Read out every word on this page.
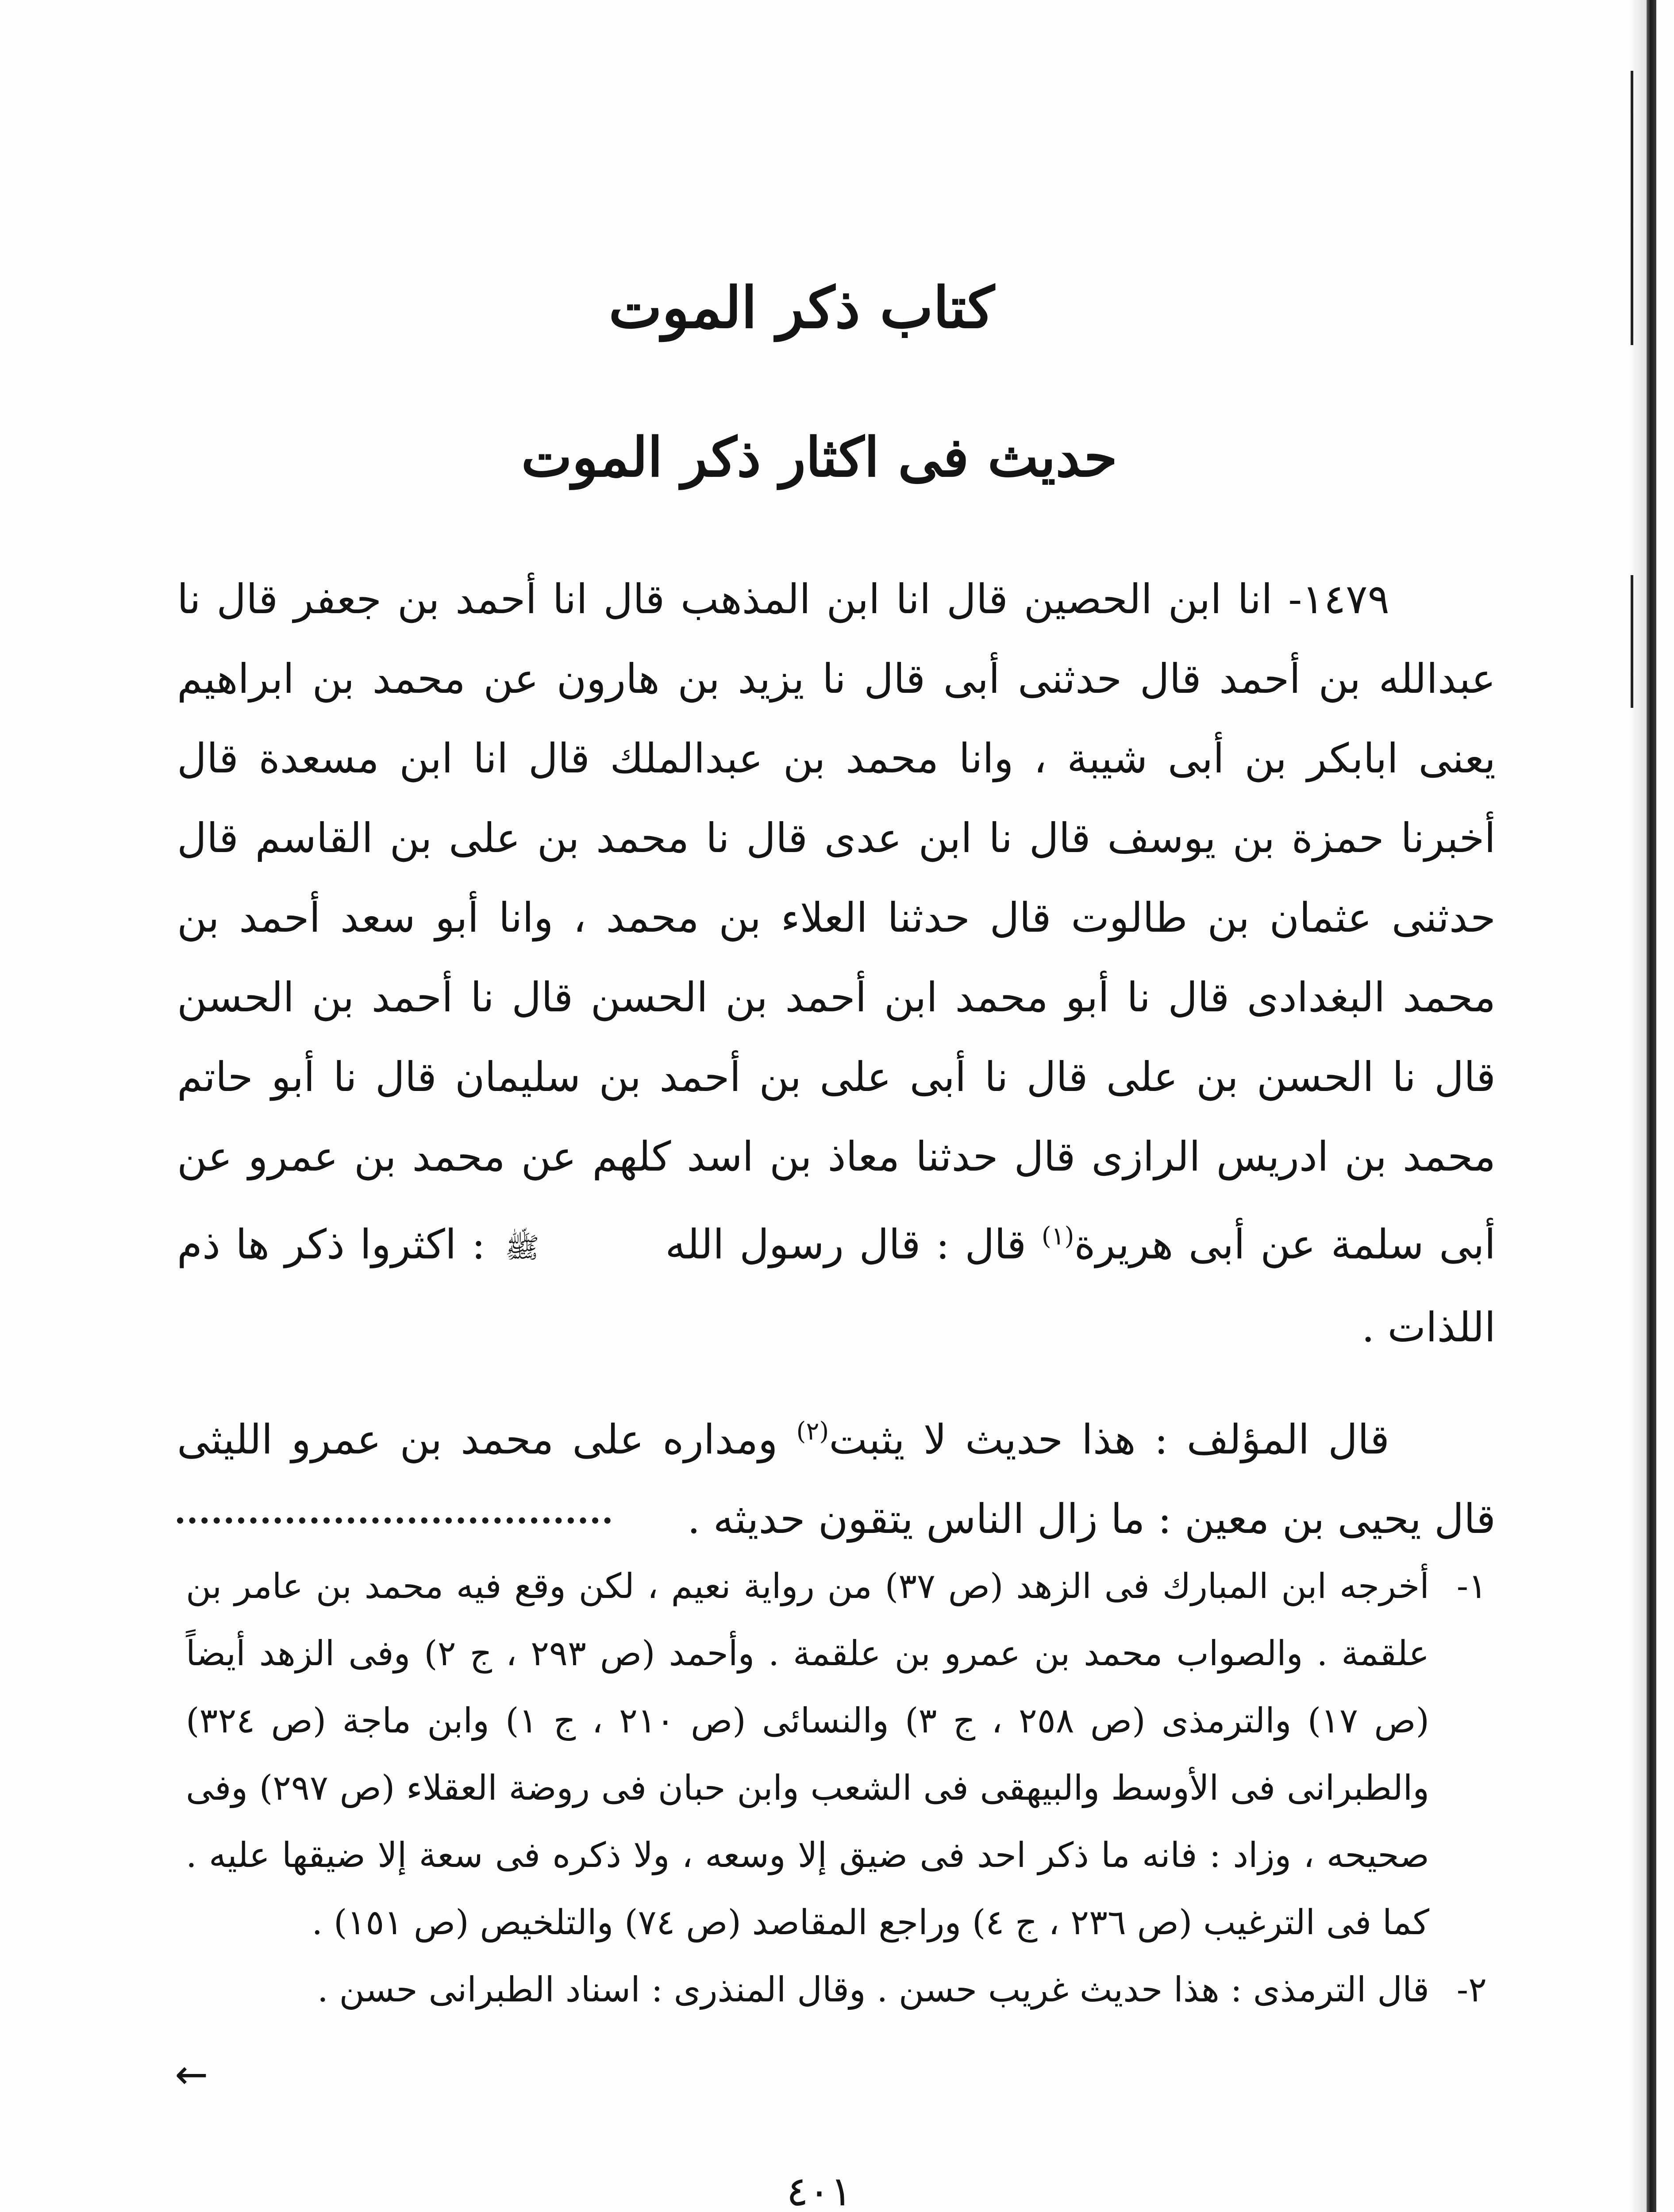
كتاب ذكر الموت
حديث فى اكثار ذكر الموت

١٤٧٩- انا ابن الحصين قال انا ابن المذهب قال انا أحمد بن جعفر قال نا عبدالله بن أحمد قال حدثنى أبى قال نا يزيد بن هارون عن محمد بن ابراهيم يعنى ابابكر بن أبى شيبة ، وانا محمد بن عبدالملك قال انا ابن مسعدة قال أخبرنا حمزة بن يوسف قال نا ابن عدى قال نا محمد بن على بن القاسم قال حدثنى عثمان بن طالوت قال حدثنا العلاء بن محمد ، وانا أبو سعد أحمد بن محمد البغدادى قال نا أبو محمد ابن أحمد بن الحسن قال نا أحمد بن الحسن قال نا الحسن بن على قال نا أبى على بن أحمد بن سليمان قال نا أبو حاتم محمد بن ادريس الرازى قال حدثنا معاذ بن اسد كلهم عن محمد بن عمرو عن أبى سلمة عن أبى هريرة$^{(١)}$ قال : قال رسول الله ﷺ : اكثروا ذكر ها ذم اللذات .

قال المؤلف : هذا حديث لا يثبت$^{(٢)}$ ومداره على محمد بن عمرو الليثى قال يحيى بن معين : ما زال الناس يتقون حديثه .

١-
أخرجه ابن المبارك فى الزهد (ص ٣٧) من رواية نعيم ، لكن وقع فيه محمد بن عامر بن علقمة . والصواب محمد بن عمرو بن علقمة . وأحمد (ص ٢٩٣ ، ج ٢) وفى الزهد أيضاً (ص ١٧) والترمذى (ص ٢٥٨ ، ج ٣) والنسائى (ص ٢١٠ ، ج ١) وابن ماجة (ص ٣٢٤) والطبرانى فى الأوسط والبيهقى فى الشعب وابن حبان فى روضة العقلاء (ص ٢٩٧) وفى صحيحه ، وزاد : فانه ما ذكر احد فى ضيق إلا وسعه ، ولا ذكره فى سعة إلا ضيقها عليه . كما فى الترغيب (ص ٢٣٦ ، ج ٤) وراجع المقاصد (ص ٧٤) والتلخيص (ص ١٥١) .
٢-
قال الترمذى : هذا حديث غريب حسن . وقال المنذرى : اسناد الطبرانى حسن .
←
٤٠١
